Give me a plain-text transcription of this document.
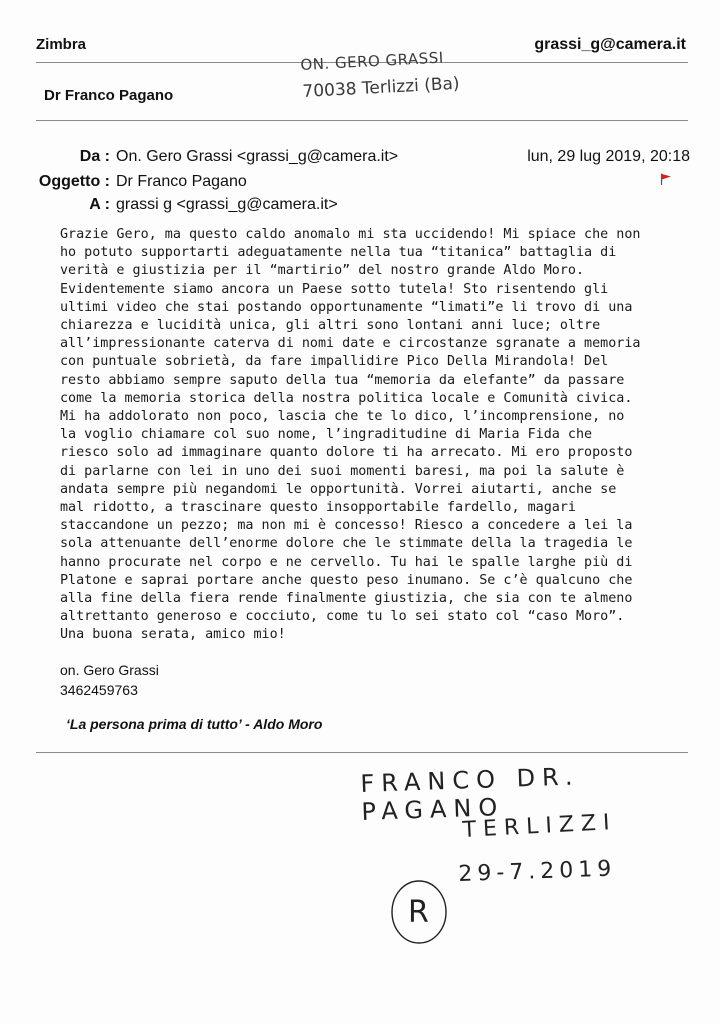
Zimbra	grassi_g@camera.it
ON. GERO GRASSI
70038 Terlizzi (Ba)
Dr Franco Pagano
Da : On. Gero Grassi <grassi_g@camera.it>	lun, 29 lug 2019, 20:18
Oggetto : Dr Franco Pagano
A : grassi g <grassi_g@camera.it>
Grazie Gero, ma questo caldo anomalo mi sta uccidendo! Mi spiace che non
ho potuto supportarti adeguatamente nella tua “titanica” battaglia di
verità e giustizia per il “martirio” del nostro grande Aldo Moro.
Evidentemente siamo ancora un Paese sotto tutela! Sto risentendo gli
ultimi video che stai postando opportunamente “limati”e li trovo di una
chiarezza e lucidità unica, gli altri sono lontani anni luce; oltre
all’impressionante caterva di nomi date e circostanze sgranate a memoria
con puntuale sobrietà, da fare impallidire Pico Della Mirandola! Del
resto abbiamo sempre saputo della tua “memoria da elefante” da passare
come la memoria storica della nostra politica locale e Comunità civica.
Mi ha addolorato non poco, lascia che te lo dico, l’incomprensione, no
la voglio chiamare col suo nome, l’ingraditudine di Maria Fida che
riesco solo ad immaginare quanto dolore ti ha arrecato. Mi ero proposto
di parlarne con lei in uno dei suoi momenti baresi, ma poi la salute è
andata sempre più negandomi le opportunità. Vorrei aiutarti, anche se
mal ridotto, a trascinare questo insopportabile fardello, magari
staccandone un pezzo; ma non mi è concesso! Riesco a concedere a lei la
sola attenuante dell’enorme dolore che le stimmate della la tragedia le
hanno procurate nel corpo e ne cervello. Tu hai le spalle larghe più di
Platone e saprai portare anche questo peso inumano. Se c’è qualcuno che
alla fine della fiera rende finalmente giustizia, che sia con te almeno
altrettanto generoso e cocciuto, come tu lo sei stato col “caso Moro”.
Una buona serata, amico mio!
on. Gero Grassi
3462459763
‘La persona prima di tutto’ - Aldo Moro
FRANCO DR. PAGANO
TERLIZZI
29-7.2019
R
